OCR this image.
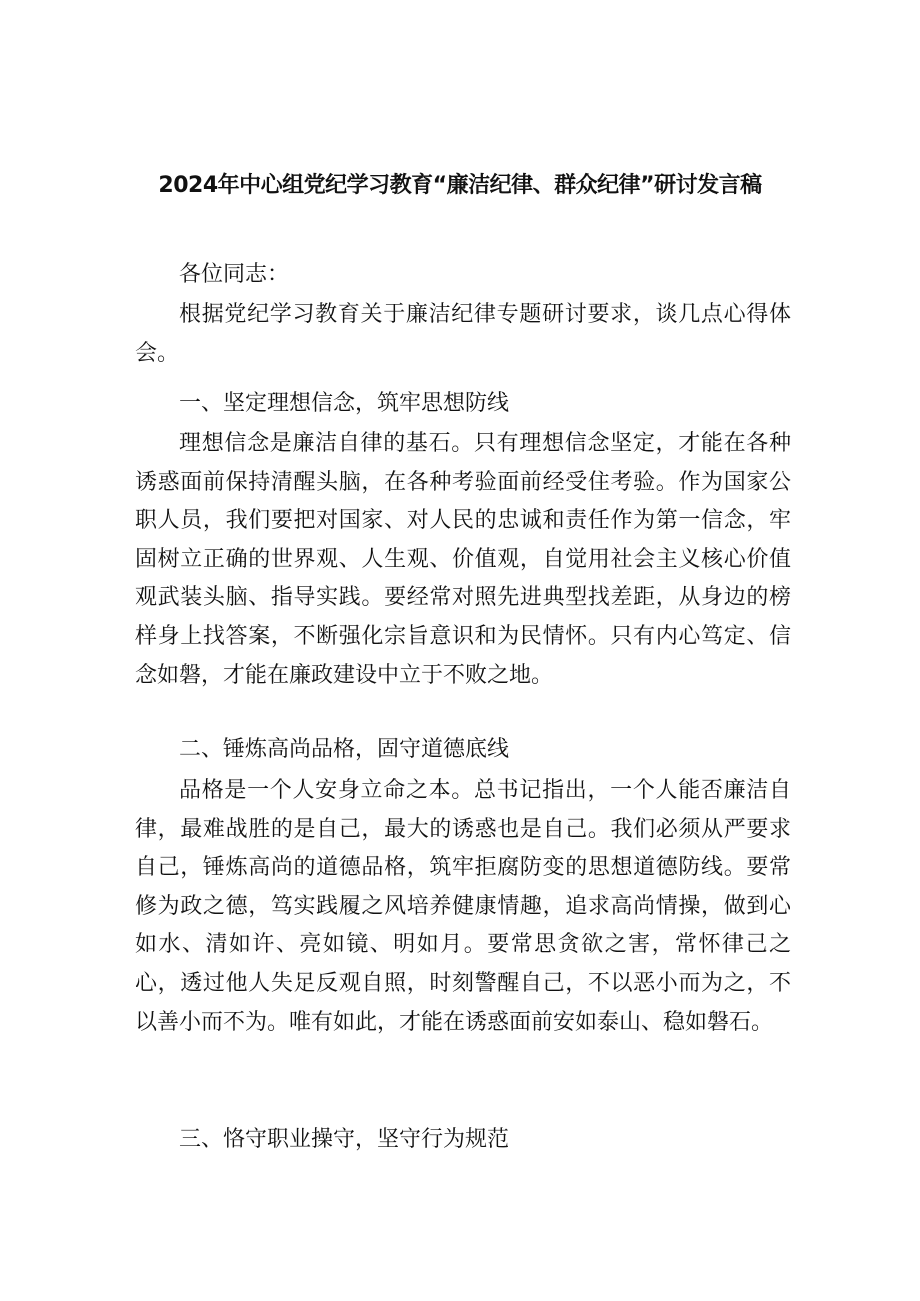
2024年中心组党纪学习教育“廉洁纪律、群众纪律”研讨发言稿

各位同志：

根据党纪学习教育关于廉洁纪律专题研讨要求，谈几点心得体会。

一、坚定理想信念，筑牢思想防线

理想信念是廉洁自律的基石。只有理想信念坚定，才能在各种诱惑面前保持清醒头脑，在各种考验面前经受住考验。作为国家公职人员，我们要把对国家、对人民的忠诚和责任作为第一信念，牢固树立正确的世界观、人生观、价值观，自觉用社会主义核心价值观武装头脑、指导实践。要经常对照先进典型找差距，从身边的榜样身上找答案，不断强化宗旨意识和为民情怀。只有内心笃定、信念如磐，才能在廉政建设中立于不败之地。

二、锤炼高尚品格，固守道德底线

品格是一个人安身立命之本。总书记指出，一个人能否廉洁自律，最难战胜的是自己，最大的诱惑也是自己。我们必须从严要求自己，锤炼高尚的道德品格，筑牢拒腐防变的思想道德防线。要常修为政之德，笃实践履之风培养健康情趣，追求高尚情操，做到心如水、清如许、亮如镜、明如月。要常思贪欲之害，常怀律己之心，透过他人失足反观自照，时刻警醒自己，不以恶小而为之，不以善小而不为。唯有如此，才能在诱惑面前安如泰山、稳如磐石。

三、恪守职业操守，坚守行为规范
